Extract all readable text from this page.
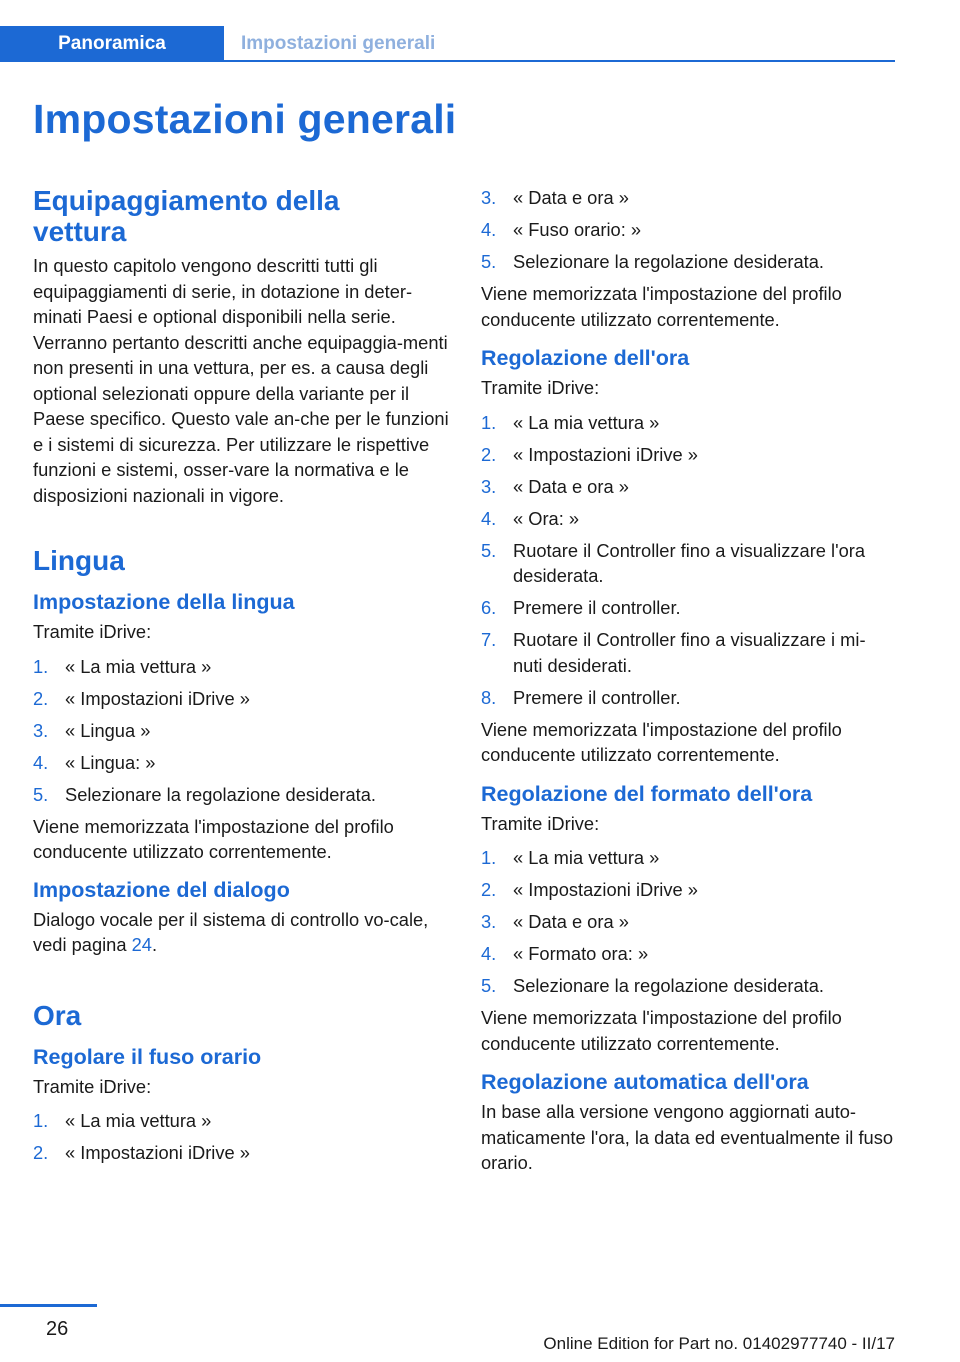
Panoramica	Impostazioni generali
Impostazioni generali
Equipaggiamento della vettura

In questo capitolo vengono descritti tutti gli equipaggiamenti di serie, in dotazione in deter-minati Paesi e optional disponibili nella serie. Verranno pertanto descritti anche equipaggia-menti non presenti in una vettura, per es. a causa degli optional selezionati oppure della variante per il Paese specifico. Questo vale an-che per le funzioni e i sistemi di sicurezza. Per utilizzare le rispettive funzioni e sistemi, osser-vare la normativa e le disposizioni nazionali in vigore.

Lingua
Impostazione della lingua

Tramite iDrive:

1. « La mia vettura »
2. « Impostazioni iDrive »
3. « Lingua »
4. « Lingua: »
5. Selezionare la regolazione desiderata.

Viene memorizzata l'impostazione del profilo conducente utilizzato correntemente.

Impostazione del dialogo

Dialogo vocale per il sistema di controllo vo-cale, vedi pagina 24.

Ora
Regolare il fuso orario

Tramite iDrive:

1. « La mia vettura »
2. « Impostazioni iDrive »
3. « Data e ora »
4. « Fuso orario: »
5. Selezionare la regolazione desiderata.

Viene memorizzata l'impostazione del profilo conducente utilizzato correntemente.

Regolazione dell'ora

Tramite iDrive:

1. « La mia vettura »
2. « Impostazioni iDrive »
3. « Data e ora »
4. « Ora: »
5. Ruotare il Controller fino a visualizzare l'ora desiderata.
6. Premere il controller.
7. Ruotare il Controller fino a visualizzare i mi-nuti desiderati.
8. Premere il controller.

Viene memorizzata l'impostazione del profilo conducente utilizzato correntemente.

Regolazione del formato dell'ora

Tramite iDrive:

1. « La mia vettura »
2. « Impostazioni iDrive »
3. « Data e ora »
4. « Formato ora: »
5. Selezionare la regolazione desiderata.

Viene memorizzata l'impostazione del profilo conducente utilizzato correntemente.

Regolazione automatica dell'ora

In base alla versione vengono aggiornati auto-maticamente l'ora, la data ed eventualmente il fuso orario.

26
Online Edition for Part no. 01402977740 - II/17
